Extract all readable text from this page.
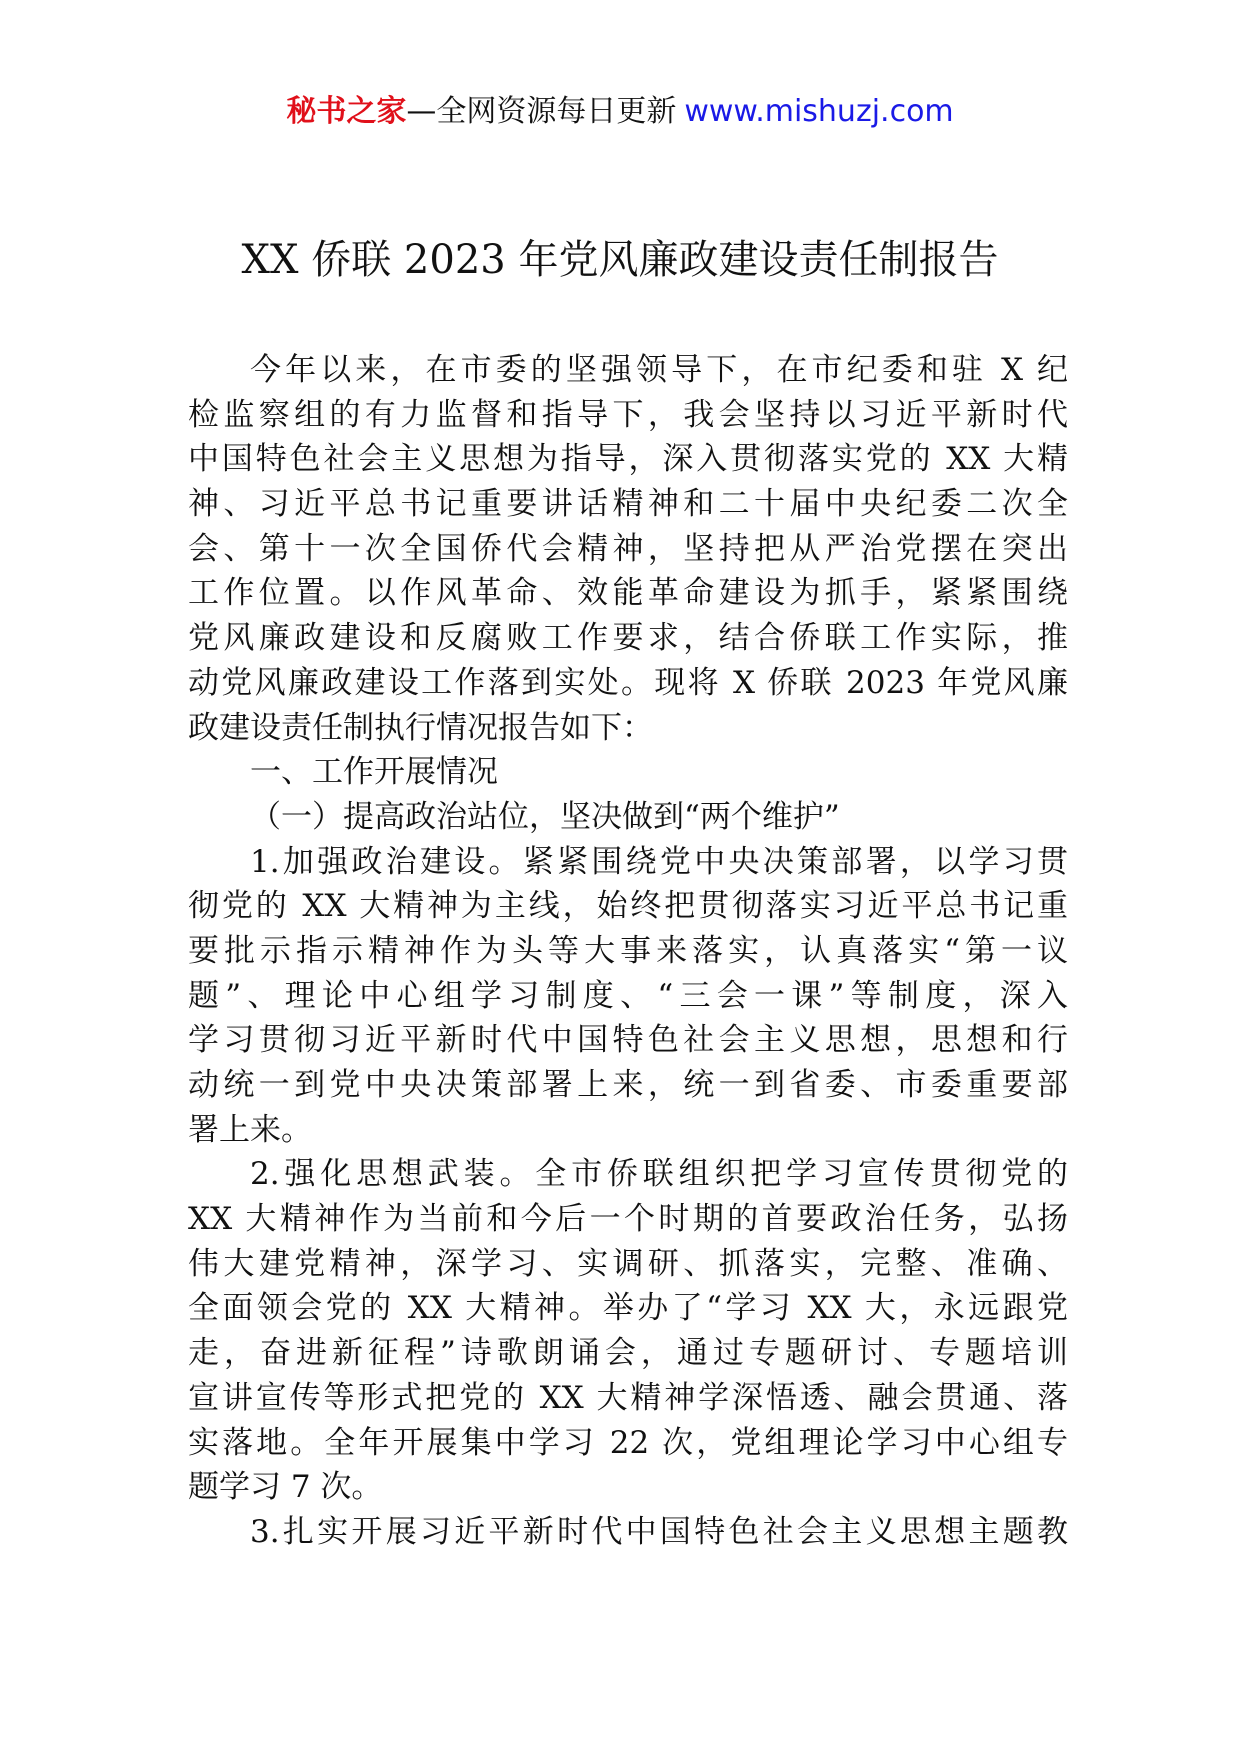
秘书之家—全网资源每日更新 www.mishuzj.com
XX 侨联 2023 年党风廉政建设责任制报告
今年以来，在市委的坚强领导下，在市纪委和驻 X 纪
检监察组的有力监督和指导下，我会坚持以习近平新时代
中国特色社会主义思想为指导，深入贯彻落实党的 XX 大精
神、习近平总书记重要讲话精神和二十届中央纪委二次全
会、第十一次全国侨代会精神，坚持把从严治党摆在突出
工作位置。以作风革命、效能革命建设为抓手，紧紧围绕
党风廉政建设和反腐败工作要求，结合侨联工作实际，推
动党风廉政建设工作落到实处。现将 X 侨联 2023 年党风廉
政建设责任制执行情况报告如下：
一、工作开展情况
（一）提高政治站位，坚决做到“两个维护”
1.加强政治建设。紧紧围绕党中央决策部署，以学习贯
彻党的 XX 大精神为主线，始终把贯彻落实习近平总书记重
要批示指示精神作为头等大事来落实，认真落实“第一议
题”、理论中心组学习制度、“三会一课”等制度，深入
学习贯彻习近平新时代中国特色社会主义思想，思想和行
动统一到党中央决策部署上来，统一到省委、市委重要部
署上来。
2.强化思想武装。全市侨联组织把学习宣传贯彻党的
XX 大精神作为当前和今后一个时期的首要政治任务，弘扬
伟大建党精神，深学习、实调研、抓落实，完整、准确、
全面领会党的 XX 大精神。举办了“学习 XX 大，永远跟党
走，奋进新征程”诗歌朗诵会，通过专题研讨、专题培训
宣讲宣传等形式把党的 XX 大精神学深悟透、融会贯通、落
实落地。全年开展集中学习 22 次，党组理论学习中心组专
题学习 7 次。
3.扎实开展习近平新时代中国特色社会主义思想主题教
